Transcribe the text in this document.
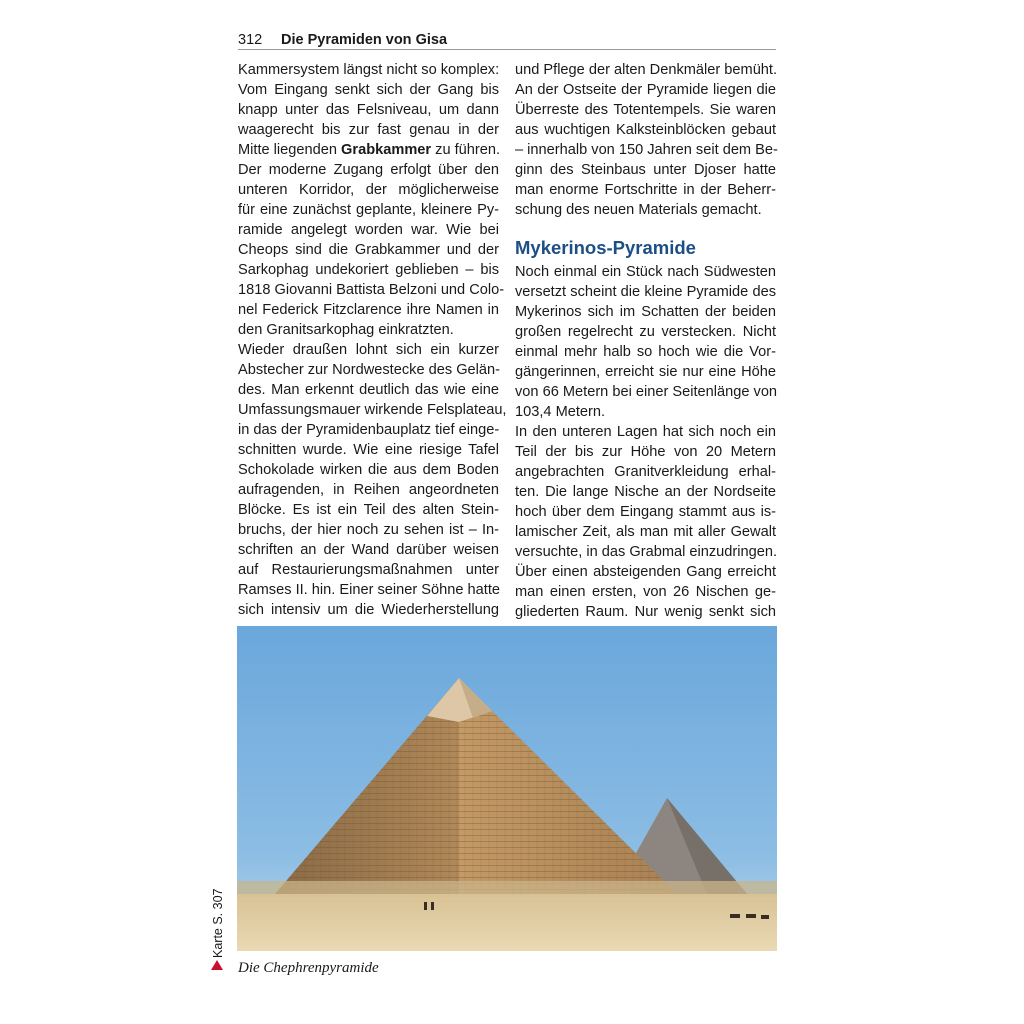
312 Die Pyramiden von Gisa
Kammersystem längst nicht so komplex:
Vom Eingang senkt sich der Gang bis
knapp unter das Felsniveau, um dann
waagerecht bis zur fast genau in der
Mitte liegenden Grabkammer zu führen.
Der moderne Zugang erfolgt über den
unteren Korridor, der möglicherweise
für eine zunächst geplante, kleinere Py-
ramide angelegt worden war. Wie bei
Cheops sind die Grabkammer und der
Sarkophag undekoriert geblieben – bis
1818 Giovanni Battista Belzoni und Colo-
nel Federick Fitzclarence ihre Namen in
den Granitsarkophag einkratzten.
Wieder draußen lohnt sich ein kurzer
Abstecher zur Nordwestecke des Gelän-
des. Man erkennt deutlich das wie eine
Umfassungsmauer wirkende Felsplateau,
in das der Pyramidenbauplatz tief einge-
schnitten wurde. Wie eine riesige Tafel
Schokolade wirken die aus dem Boden
aufragenden, in Reihen angeordneten
Blöcke. Es ist ein Teil des alten Stein-
bruchs, der hier noch zu sehen ist – In-
schriften an der Wand darüber weisen
auf Restaurierungsmaßnahmen unter
Ramses II. hin. Einer seiner Söhne hatte
sich intensiv um die Wiederherstellung
und Pflege der alten Denkmäler bemüht.
An der Ostseite der Pyramide liegen die
Überreste des Totentempels. Sie waren
aus wuchtigen Kalksteinblöcken gebaut
– innerhalb von 150 Jahren seit dem Be-
ginn des Steinbaus unter Djoser hatte
man enorme Fortschritte in der Beherr-
schung des neuen Materials gemacht.
Mykerinos-Pyramide
Noch einmal ein Stück nach Südwesten
versetzt scheint die kleine Pyramide des
Mykerinos sich im Schatten der beiden
großen regelrecht zu verstecken. Nicht
einmal mehr halb so hoch wie die Vor-
gängerinnen, erreicht sie nur eine Höhe
von 66 Metern bei einer Seitenlänge von
103,4 Metern.
In den unteren Lagen hat sich noch ein
Teil der bis zur Höhe von 20 Metern
angebrachten Granitverkleidung erhal-
ten. Die lange Nische an der Nordseite
hoch über dem Eingang stammt aus is-
lamischer Zeit, als man mit aller Gewalt
versuchte, in das Grabmal einzudringen.
Über einen absteigenden Gang erreicht
man einen ersten, von 26 Nischen ge-
gliederten Raum. Nur wenig senkt sich
Die Chephrenpyramide
Karte S. 307
